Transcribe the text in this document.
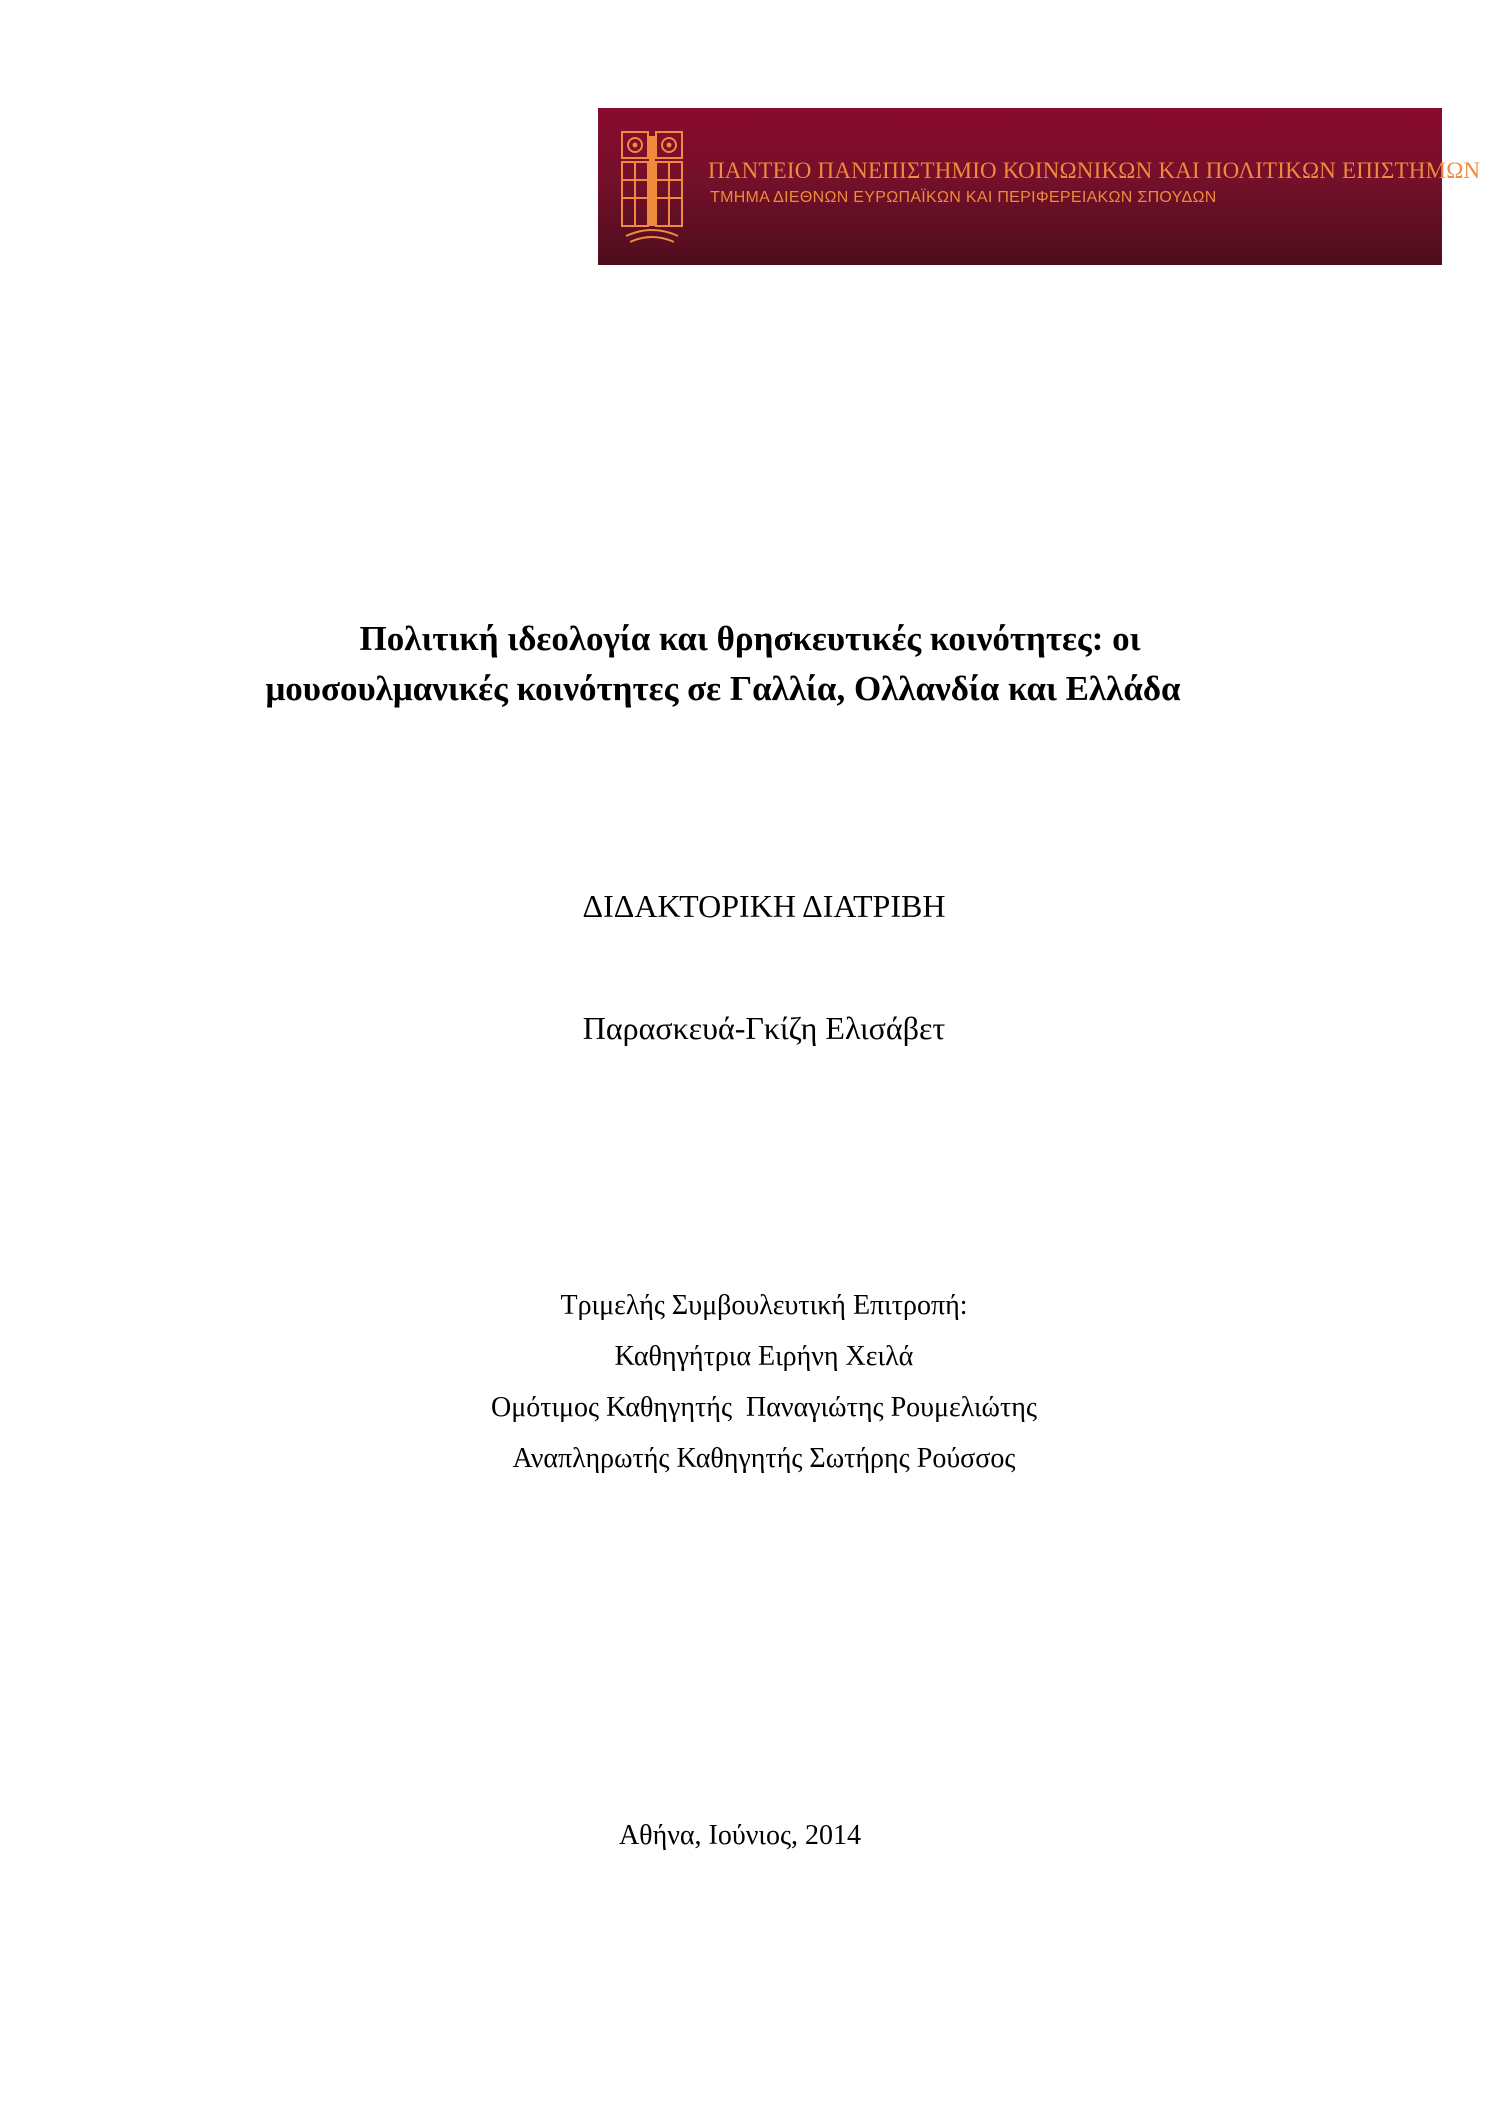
ΠΑΝΤΕΙΟ ΠΑΝΕΠΙΣΤΗΜΙΟ ΚΟΙΝΩΝΙΚΩΝ ΚΑΙ ΠΟΛΙΤΙΚΩΝ ΕΠΙΣΤΗΜΩΝ
ΤΜΗΜΑ ΔΙΕΘΝΩΝ ΕΥΡΩΠΑΪΚΩΝ ΚΑΙ ΠΕΡΙΦΕΡΕΙΑΚΩΝ ΣΠΟΥΔΩΝ
Πολιτική ιδεολογία και θρησκευτικές κοινότητες: οι
μουσουλμανικές κοινότητες σε Γαλλία, Ολλανδία και Ελλάδα

ΔΙΔΑΚΤΟΡΙΚΗ ΔΙΑΤΡΙΒΗ

Παρασκευά-Γκίζη Ελισάβετ

Τριμελής Συμβουλευτική Επιτροπή:
Καθηγήτρια Ειρήνη Χειλά
Ομότιμος Καθηγητής  Παναγιώτης Ρουμελιώτης
Αναπληρωτής Καθηγητής Σωτήρης Ρούσσος

Αθήνα, Ιούνιος, 2014
